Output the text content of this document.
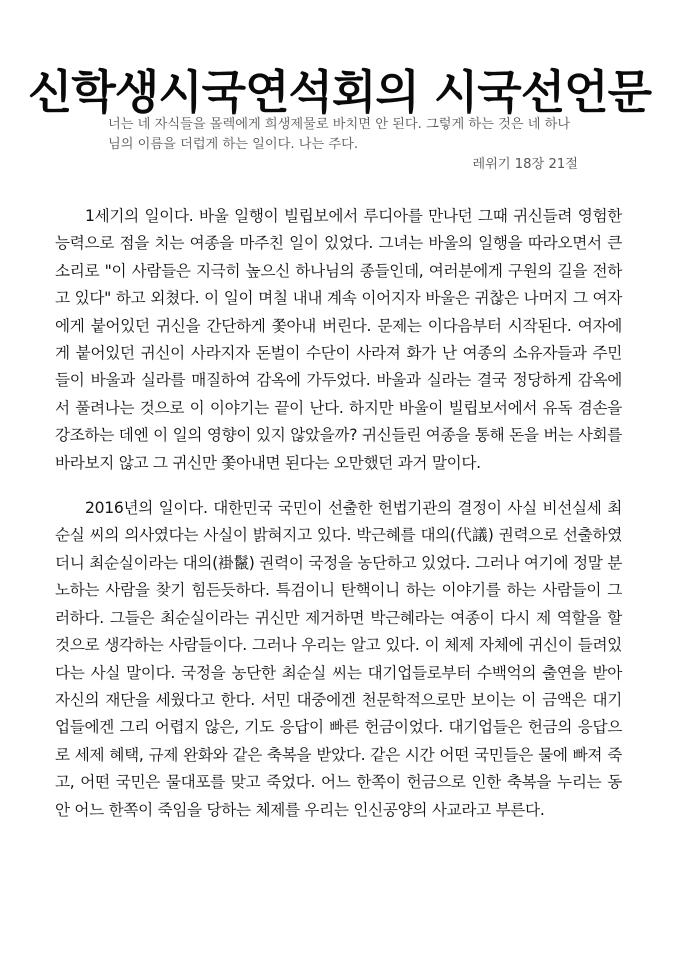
신학생시국연석회의 시국선언문

너는 네 자식들을 몰렉에게 희생제물로 바치면 안 된다. 그렇게 하는 것은 네 하나님의 이름을 더럽게 하는 일이다. 나는 주다.

레위기 18장 21절

1세기의 일이다. 바울 일행이 빌립보에서 루디아를 만나던 그때 귀신들려 영험한 능력으로 점을 치는 여종을 마주친 일이 있었다. 그녀는 바울의 일행을 따라오면서 큰 소리로 "이 사람들은 지극히 높으신 하나님의 종들인데, 여러분에게 구원의 길을 전하고 있다" 하고 외쳤다. 이 일이 며칠 내내 계속 이어지자 바울은 귀찮은 나머지 그 여자에게 붙어있던 귀신을 간단하게 쫓아내 버린다. 문제는 이다음부터 시작된다. 여자에게 붙어있던 귀신이 사라지자 돈벌이 수단이 사라져 화가 난 여종의 소유자들과 주민들이 바울과 실라를 매질하여 감옥에 가두었다. 바울과 실라는 결국 정당하게 감옥에서 풀려나는 것으로 이 이야기는 끝이 난다. 하지만 바울이 빌립보서에서 유독 겸손을 강조하는 데엔 이 일의 영향이 있지 않았을까? 귀신들린 여종을 통해 돈을 버는 사회를 바라보지 않고 그 귀신만 쫓아내면 된다는 오만했던 과거 말이다.

2016년의 일이다. 대한민국 국민이 선출한 헌법기관의 결정이 사실 비선실세 최순실 씨의 의사였다는 사실이 밝혀지고 있다. 박근혜를 대의(代議) 권력으로 선출하였더니 최순실이라는 대의(褂鬣) 권력이 국정을 농단하고 있었다. 그러나 여기에 정말 분노하는 사람을 찾기 힘든듯하다. 특검이니 탄핵이니 하는 이야기를 하는 사람들이 그러하다. 그들은 최순실이라는 귀신만 제거하면 박근혜라는 여종이 다시 제 역할을 할 것으로 생각하는 사람들이다. 그러나 우리는 알고 있다. 이 체제 자체에 귀신이 들려있다는 사실 말이다. 국정을 농단한 최순실 씨는 대기업들로부터 수백억의 출연을 받아 자신의 재단을 세웠다고 한다. 서민 대중에겐 천문학적으로만 보이는 이 금액은 대기업들에겐 그리 어렵지 않은, 기도 응답이 빠른 헌금이었다. 대기업들은 헌금의 응답으로 세제 혜택, 규제 완화와 같은 축복을 받았다. 같은 시간 어떤 국민들은 물에 빠져 죽고, 어떤 국민은 물대포를 맞고 죽었다. 어느 한쪽이 헌금으로 인한 축복을 누리는 동안 어느 한쪽이 죽임을 당하는 체제를 우리는 인신공양의 사교라고 부른다.
